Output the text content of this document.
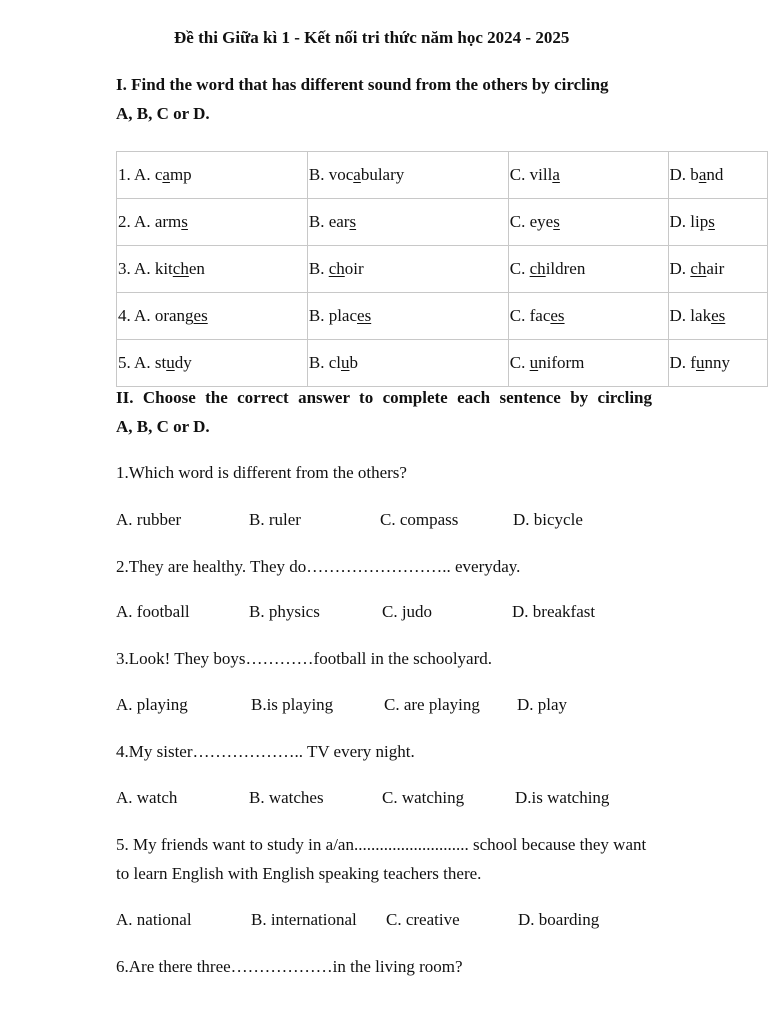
Đề thi Giữa kì 1 - Kết nối tri thức năm học 2024 - 2025
I. Find the word that has different sound from the others by circling
A, B, C or D.
1. A. camp	B. vocabulary	C. villa	D. band
2. A. arms	B. ears	C. eyes	D. lips
3. A. kitchen	B. choir	C. children	D. chair
4. A. oranges	B. places	C. faces	D. lakes
5. A. study	B. club	C. uniform	D. funny
II. Choose the correct answer to complete each sentence by circling
A, B, C or D.
1.Which word is different from the others?
A. rubber	B. ruler	C. compass	D. bicycle
2.They are healthy. They do…………………….. everyday.
A. football	B. physics	C. judo	D. breakfast
3.Look! They boys…………football in the schoolyard.
A. playing	B.is playing	C. are playing D. play
4.My sister……………….. TV every night.
A. watch	B. watches	C. watching	D.is watching
5. My friends want to study in a/an........................... school because they want to learn English with English speaking teachers there.
A. national	B. international C. creative	D. boarding
6.Are there three………………in the living room?
